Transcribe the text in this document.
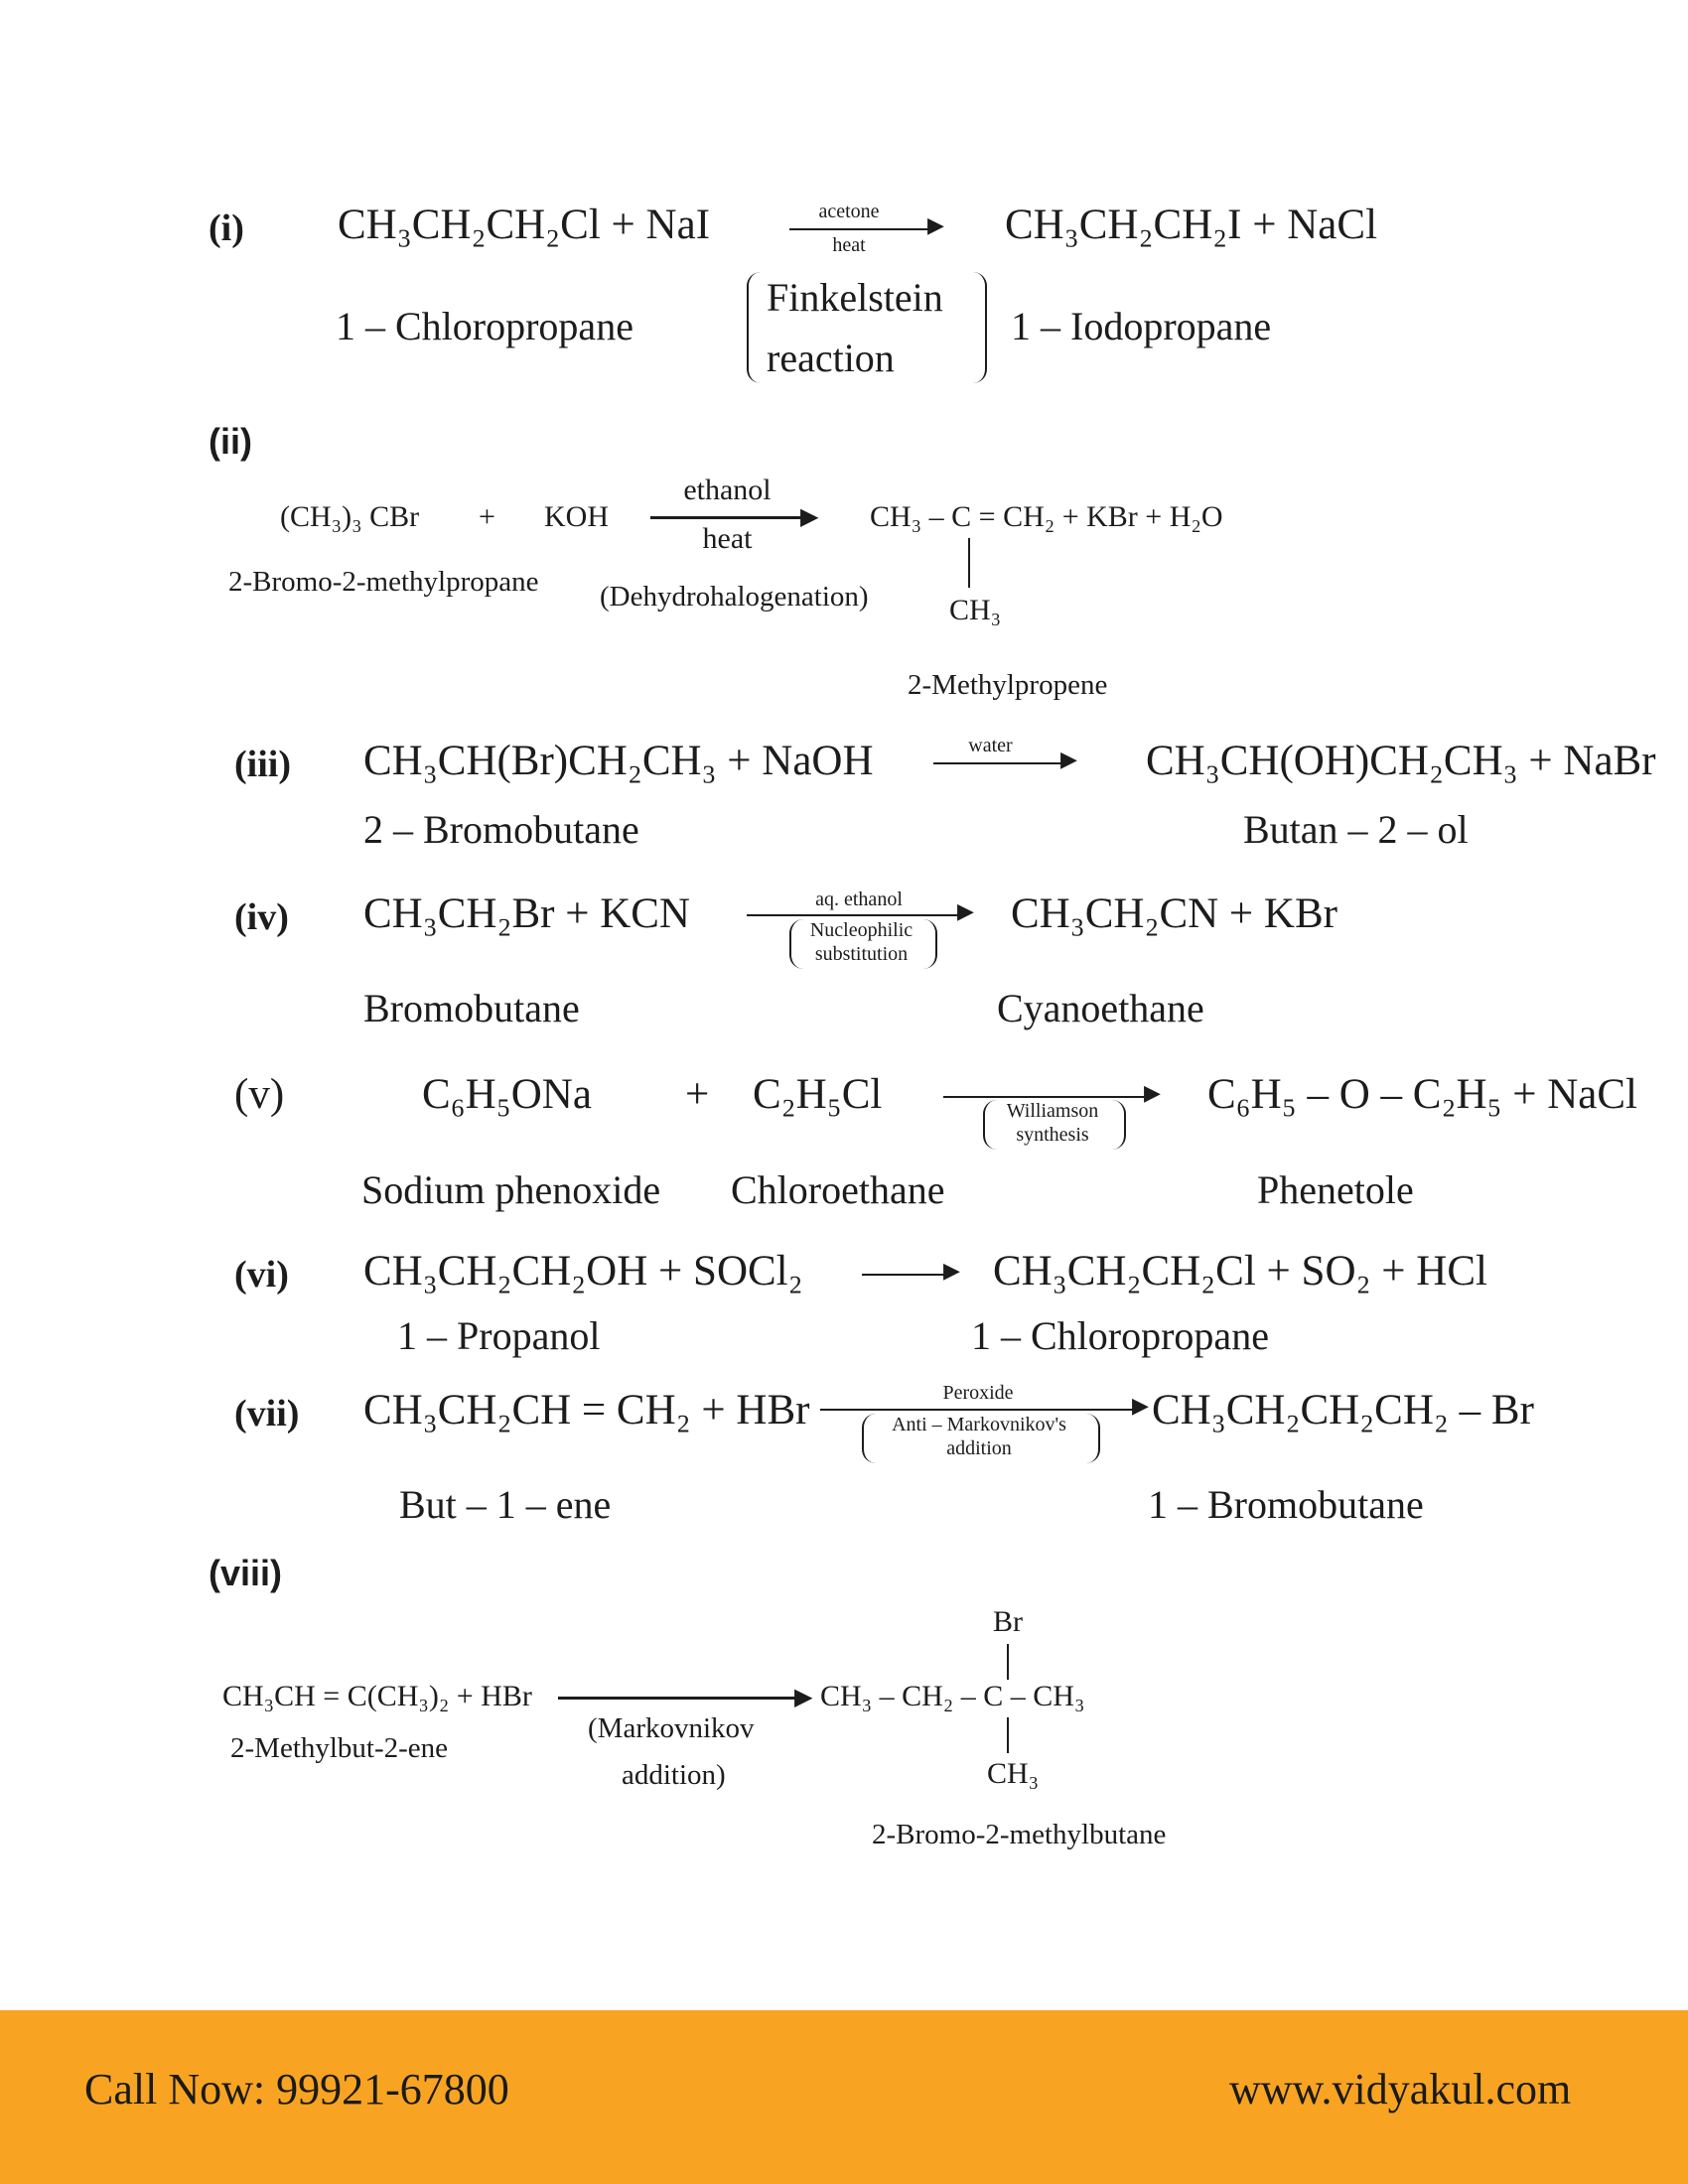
(i) CH₃CH₂CH₂Cl + NaI	acetone
heat
▶ CH₃CH₂CH₂I + NaCl
1 – Chloropropane
Finkelstein
reaction
1 – Iodopropane
(ii)
(CH₃)₃ CBr + KOH
ethanol
▶
heat
CH₃ – C = CH₂ + KBr + H₂O
CH₃
2-Bromo-2-methylpropane (Dehydrohalogenation)
2-Methylpropene
(iii) CH₃CH(Br)CH₂CH₃ + NaOH	water
▶ CH₃CH(OH)CH₂CH₃ + NaBr
2 – Bromobutane	Butan – 2 – ol
(iv) CH₃CH₂Br + KCN	aq. ethanol	▶
Nucleophilic
substitution
CH₃CH₂CN + KBr
Bromobutane	Cyanoethane
(v)	C₆H₅ONa + C₂H₅Cl	▶
Williamson
synthesis
C₆H₅ – O – C₂H₅ + NaCl
Sodium phenoxide Chloroethane	Phenetole
(vi) CH₃CH₂CH₂OH + SOCl₂	▶ CH₃CH₂CH₂Cl + SO₂ + HCl
1 – Propanol	1 – Chloropropane
(vii) CH₃CH₂CH = CH₂ + HBr	Peroxide	▶
Anti – Markovnikov's
addition
CH₃CH₂CH₂CH₂ – Br
But – 1 – ene	1 – Bromobutane
(viii)
CH₃CH = C(CH₃)₂ + HBr	▶
2-Methylbut-2-ene
(Markovnikov
addition)
Br
CH₃ – CH₂ – C – CH₃
CH₃
2-Bromo-2-methylbutane
Call Now: 99921-67800	www.vidyakul.com
